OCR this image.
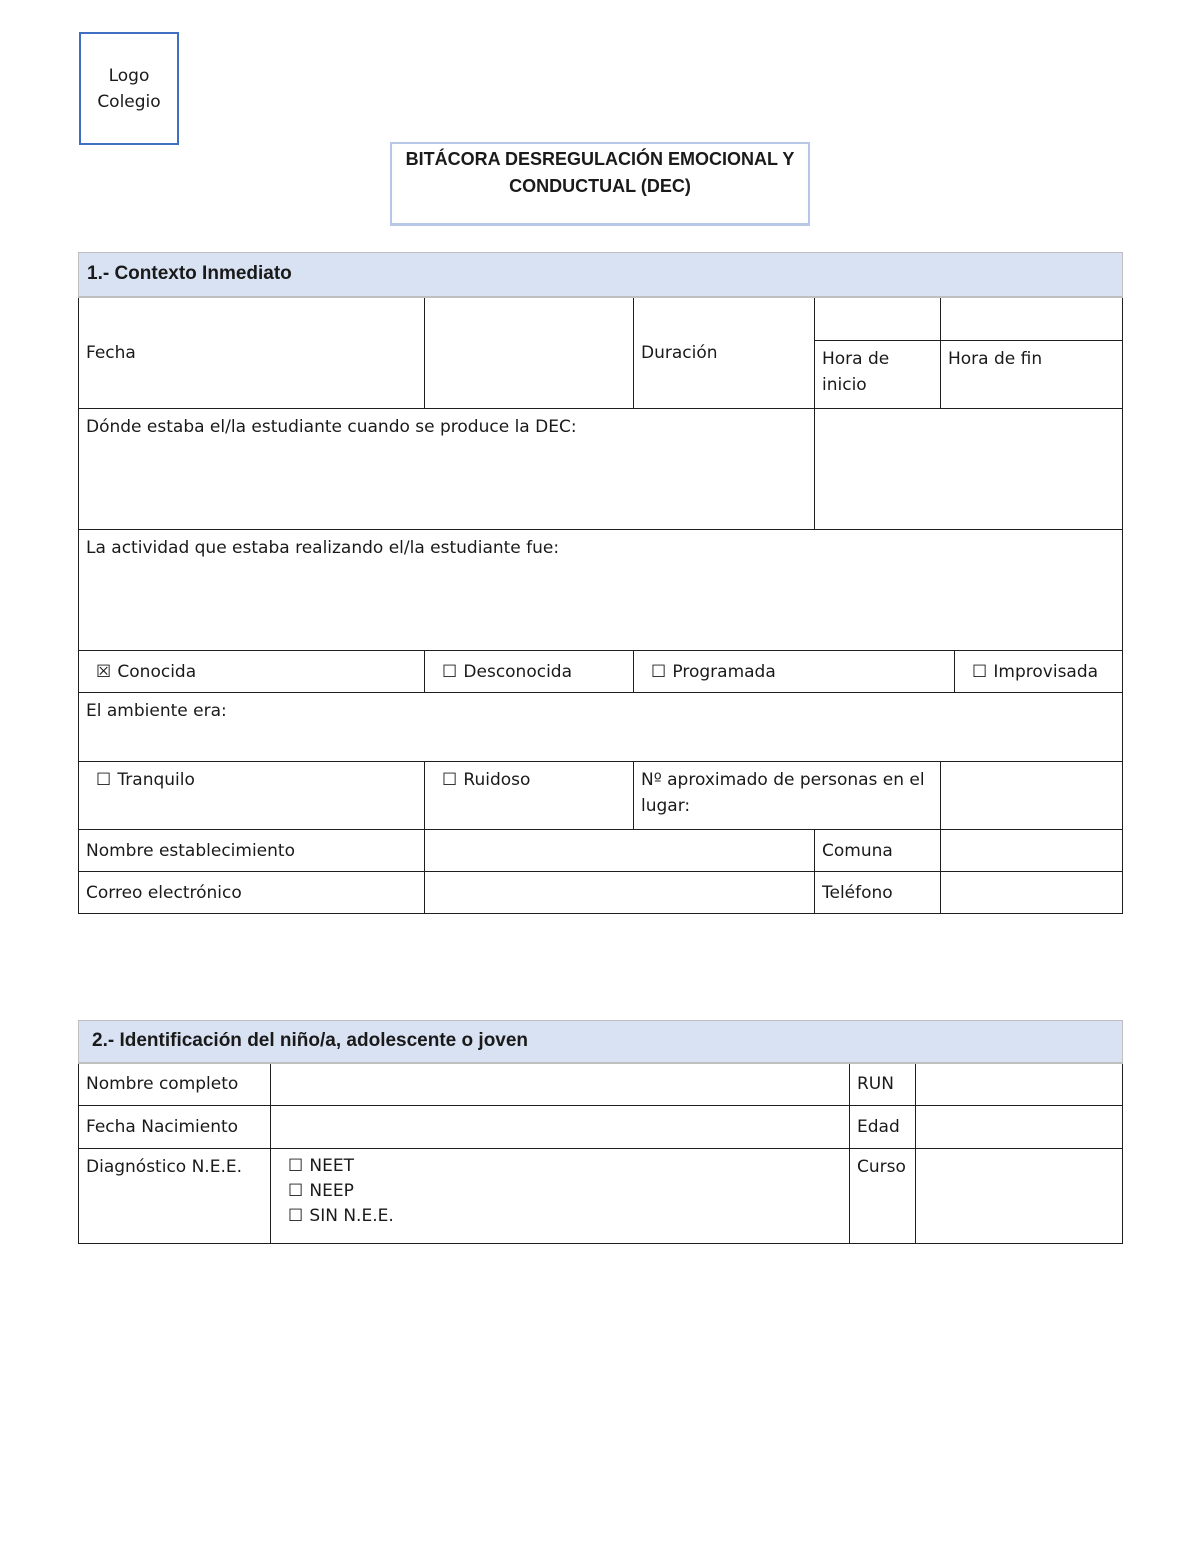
Logo
Colegio
BITÁCORA DESREGULACIÓN EMOCIONAL Y
CONDUCTUAL (DEC)
1.- Contexto Inmediato					
Fecha		Duración			
			Hora de inicio	Hora de fin	
Dónde estaba el/la estudiante cuando se produce la DEC:					
La actividad que estaba realizando el/la estudiante fue:					
☒ Conocida	☐ Desconocida	☐ Programada			☐ Improvisada
El ambiente era:					
☐ Tranquilo	☐ Ruidoso	Nº aproximado de personas en el lugar:			
Nombre establecimiento			Comuna		
Correo electrónico			Teléfono		
2.- Identificación del niño/a, adolescente o joven			
Nombre completo		RUN	
Fecha Nacimiento		Edad	
Diagnóstico N.E.E.	☐ NEET
☐ NEEP
☐ SIN N.E.E.	Curso	
